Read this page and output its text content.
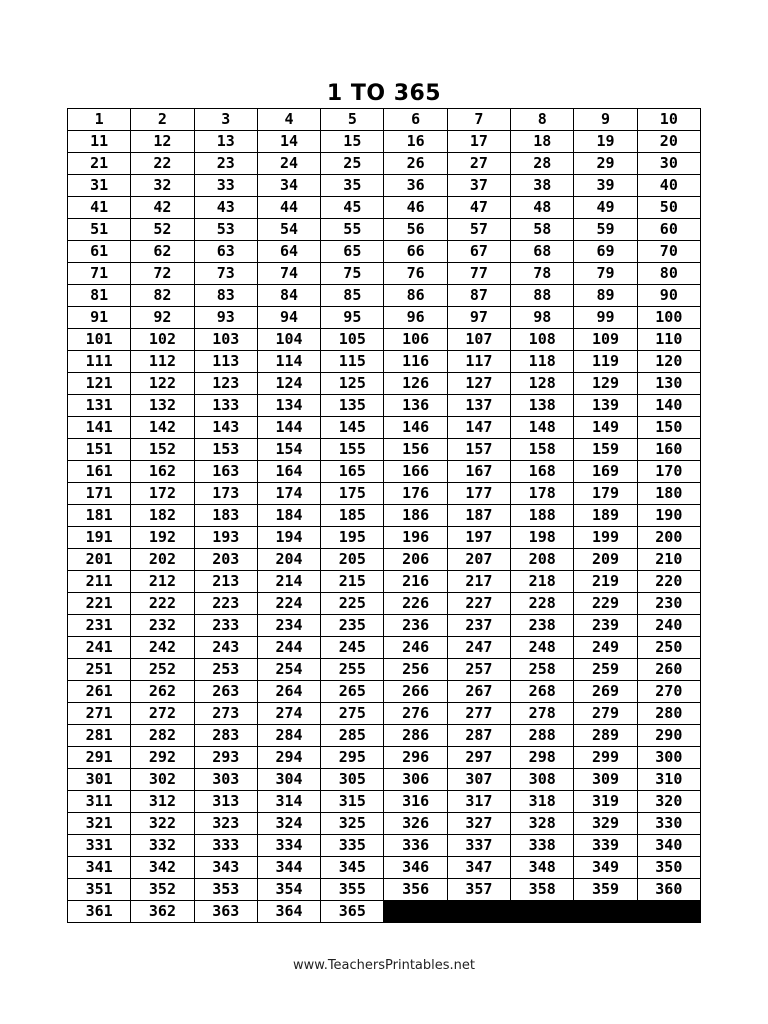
1 TO 365
1	2	3	4	5	6	7	8	9	10
11	12	13	14	15	16	17	18	19	20
21	22	23	24	25	26	27	28	29	30
31	32	33	34	35	36	37	38	39	40
41	42	43	44	45	46	47	48	49	50
51	52	53	54	55	56	57	58	59	60
61	62	63	64	65	66	67	68	69	70
71	72	73	74	75	76	77	78	79	80
81	82	83	84	85	86	87	88	89	90
91	92	93	94	95	96	97	98	99	100
101	102	103	104	105	106	107	108	109	110
111	112	113	114	115	116	117	118	119	120
121	122	123	124	125	126	127	128	129	130
131	132	133	134	135	136	137	138	139	140
141	142	143	144	145	146	147	148	149	150
151	152	153	154	155	156	157	158	159	160
161	162	163	164	165	166	167	168	169	170
171	172	173	174	175	176	177	178	179	180
181	182	183	184	185	186	187	188	189	190
191	192	193	194	195	196	197	198	199	200
201	202	203	204	205	206	207	208	209	210
211	212	213	214	215	216	217	218	219	220
221	222	223	224	225	226	227	228	229	230
231	232	233	234	235	236	237	238	239	240
241	242	243	244	245	246	247	248	249	250
251	252	253	254	255	256	257	258	259	260
261	262	263	264	265	266	267	268	269	270
271	272	273	274	275	276	277	278	279	280
281	282	283	284	285	286	287	288	289	290
291	292	293	294	295	296	297	298	299	300
301	302	303	304	305	306	307	308	309	310
311	312	313	314	315	316	317	318	319	320
321	322	323	324	325	326	327	328	329	330
331	332	333	334	335	336	337	338	339	340
341	342	343	344	345	346	347	348	349	350
351	352	353	354	355	356	357	358	359	360
361	362	363	364	365					
www.TeachersPrintables.net
